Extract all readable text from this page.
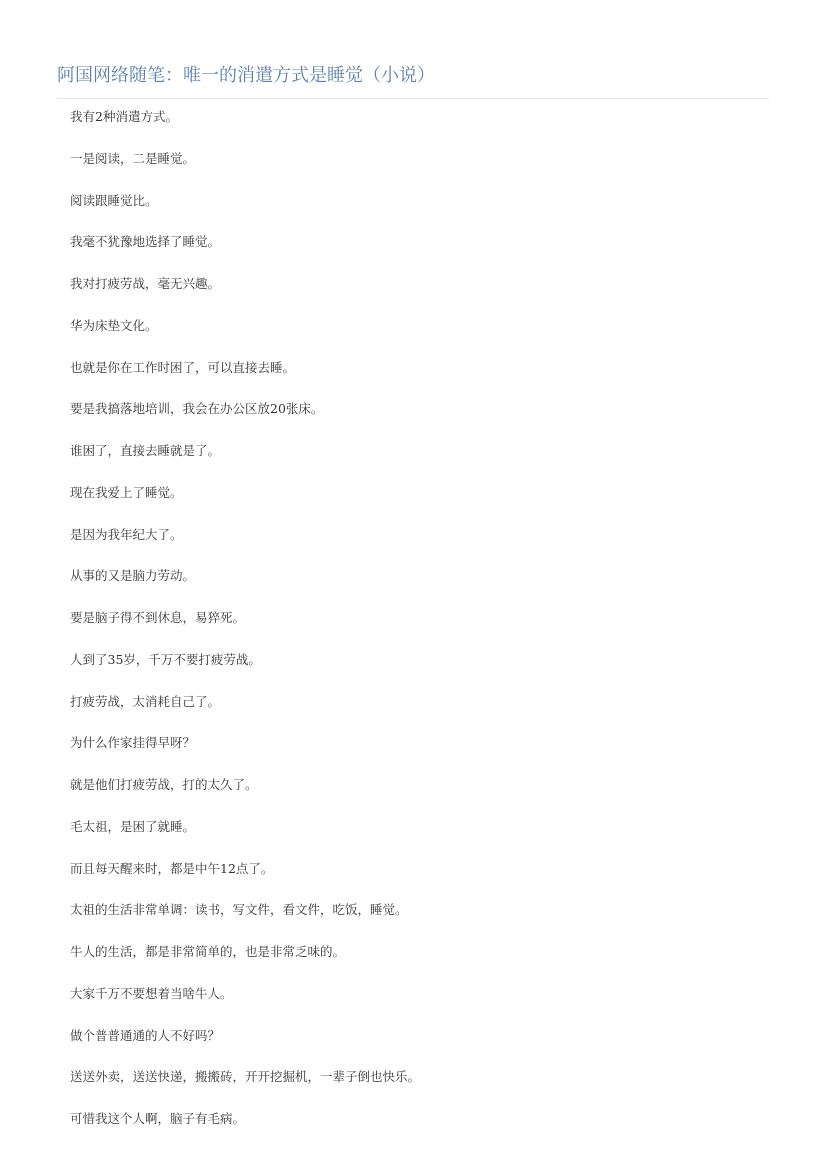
阿国网络随笔：唯一的消遣方式是睡觉（小说）

我有2种消遣方式。

一是阅读，二是睡觉。

阅读跟睡觉比。

我毫不犹豫地选择了睡觉。

我对打疲劳战，毫无兴趣。

华为床垫文化。

也就是你在工作时困了，可以直接去睡。

要是我搞落地培训，我会在办公区放20张床。

谁困了，直接去睡就是了。

现在我爱上了睡觉。

是因为我年纪大了。

从事的又是脑力劳动。

要是脑子得不到休息，易猝死。

人到了35岁，千万不要打疲劳战。

打疲劳战，太消耗自己了。

为什么作家挂得早呀？

就是他们打疲劳战，打的太久了。

毛太祖，是困了就睡。

而且每天醒来时，都是中午12点了。

太祖的生活非常单调：读书，写文件，看文件，吃饭，睡觉。

牛人的生活，都是非常简单的，也是非常乏味的。

大家千万不要想着当啥牛人。

做个普普通通的人不好吗？

送送外卖，送送快递，搬搬砖，开开挖掘机，一辈子倒也快乐。

可惜我这个人啊，脑子有毛病。
